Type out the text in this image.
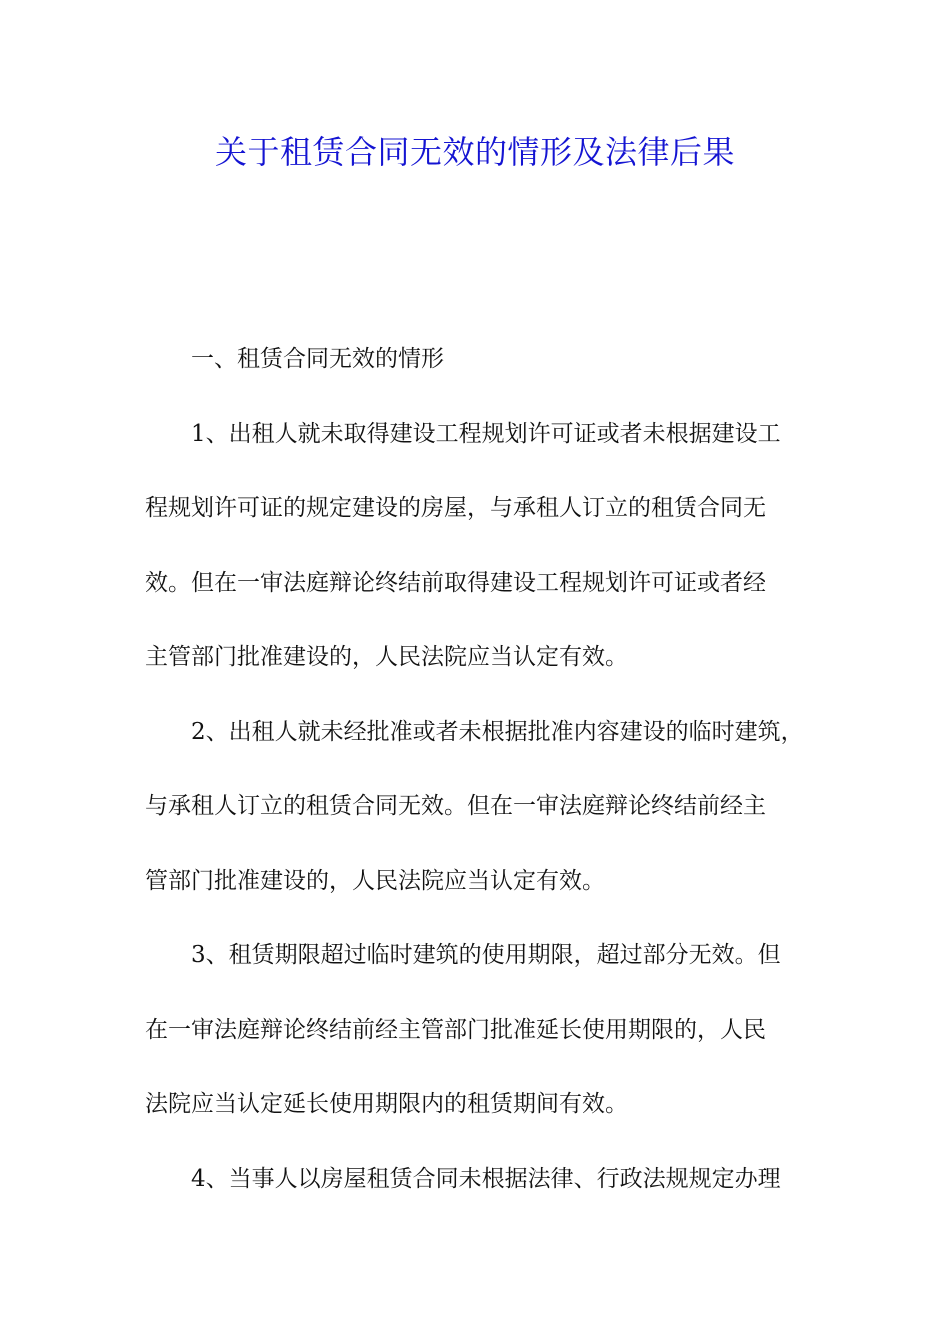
关于租赁合同无效的情形及法律后果

一、租赁合同无效的情形

1、出租人就未取得建设工程规划许可证或者未根据建设工

程规划许可证的规定建设的房屋，与承租人订立的租赁合同无

效。但在一审法庭辩论终结前取得建设工程规划许可证或者经

主管部门批准建设的，人民法院应当认定有效。

2、出租人就未经批准或者未根据批准内容建设的临时建筑，

与承租人订立的租赁合同无效。但在一审法庭辩论终结前经主

管部门批准建设的，人民法院应当认定有效。

3、租赁期限超过临时建筑的使用期限，超过部分无效。但

在一审法庭辩论终结前经主管部门批准延长使用期限的，人民

法院应当认定延长使用期限内的租赁期间有效。

4、当事人以房屋租赁合同未根据法律、行政法规规定办理
